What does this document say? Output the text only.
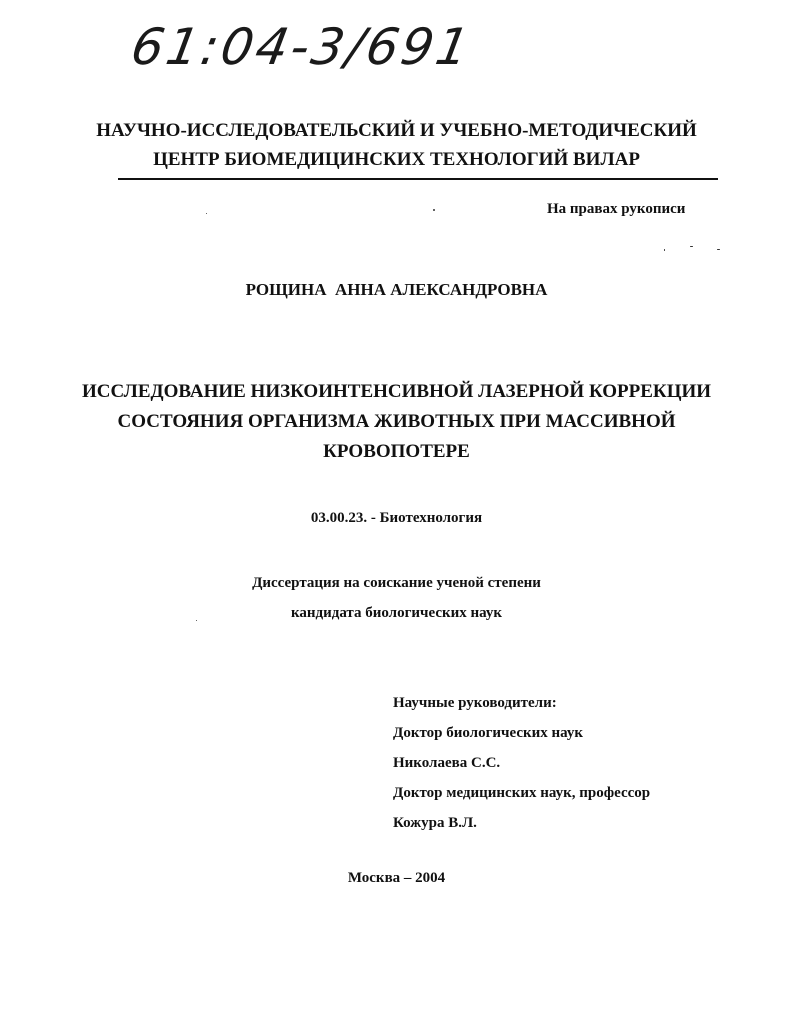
61:04-3/691
НАУЧНО-ИССЛЕДОВАТЕЛЬСКИЙ И УЧЕБНО-МЕТОДИЧЕСКИЙ
ЦЕНТР БИОМЕДИЦИНСКИХ ТЕХНОЛОГИЙ ВИЛАР
На правах рукописи
РОЩИНА  АННА АЛЕКСАНДРОВНА
ИССЛЕДОВАНИЕ НИЗКОИНТЕНСИВНОЙ ЛАЗЕРНОЙ КОРРЕКЦИИ
СОСТОЯНИЯ ОРГАНИЗМА ЖИВОТНЫХ ПРИ МАССИВНОЙ
КРОВОПОТЕРЕ
03.00.23. - Биотехнология
Диссертация на соискание ученой степени
кандидата биологических наук
Научные руководители:
Доктор биологических наук
Николаева С.С.
Доктор медицинских наук, профессор
Кожура В.Л.
Москва – 2004
